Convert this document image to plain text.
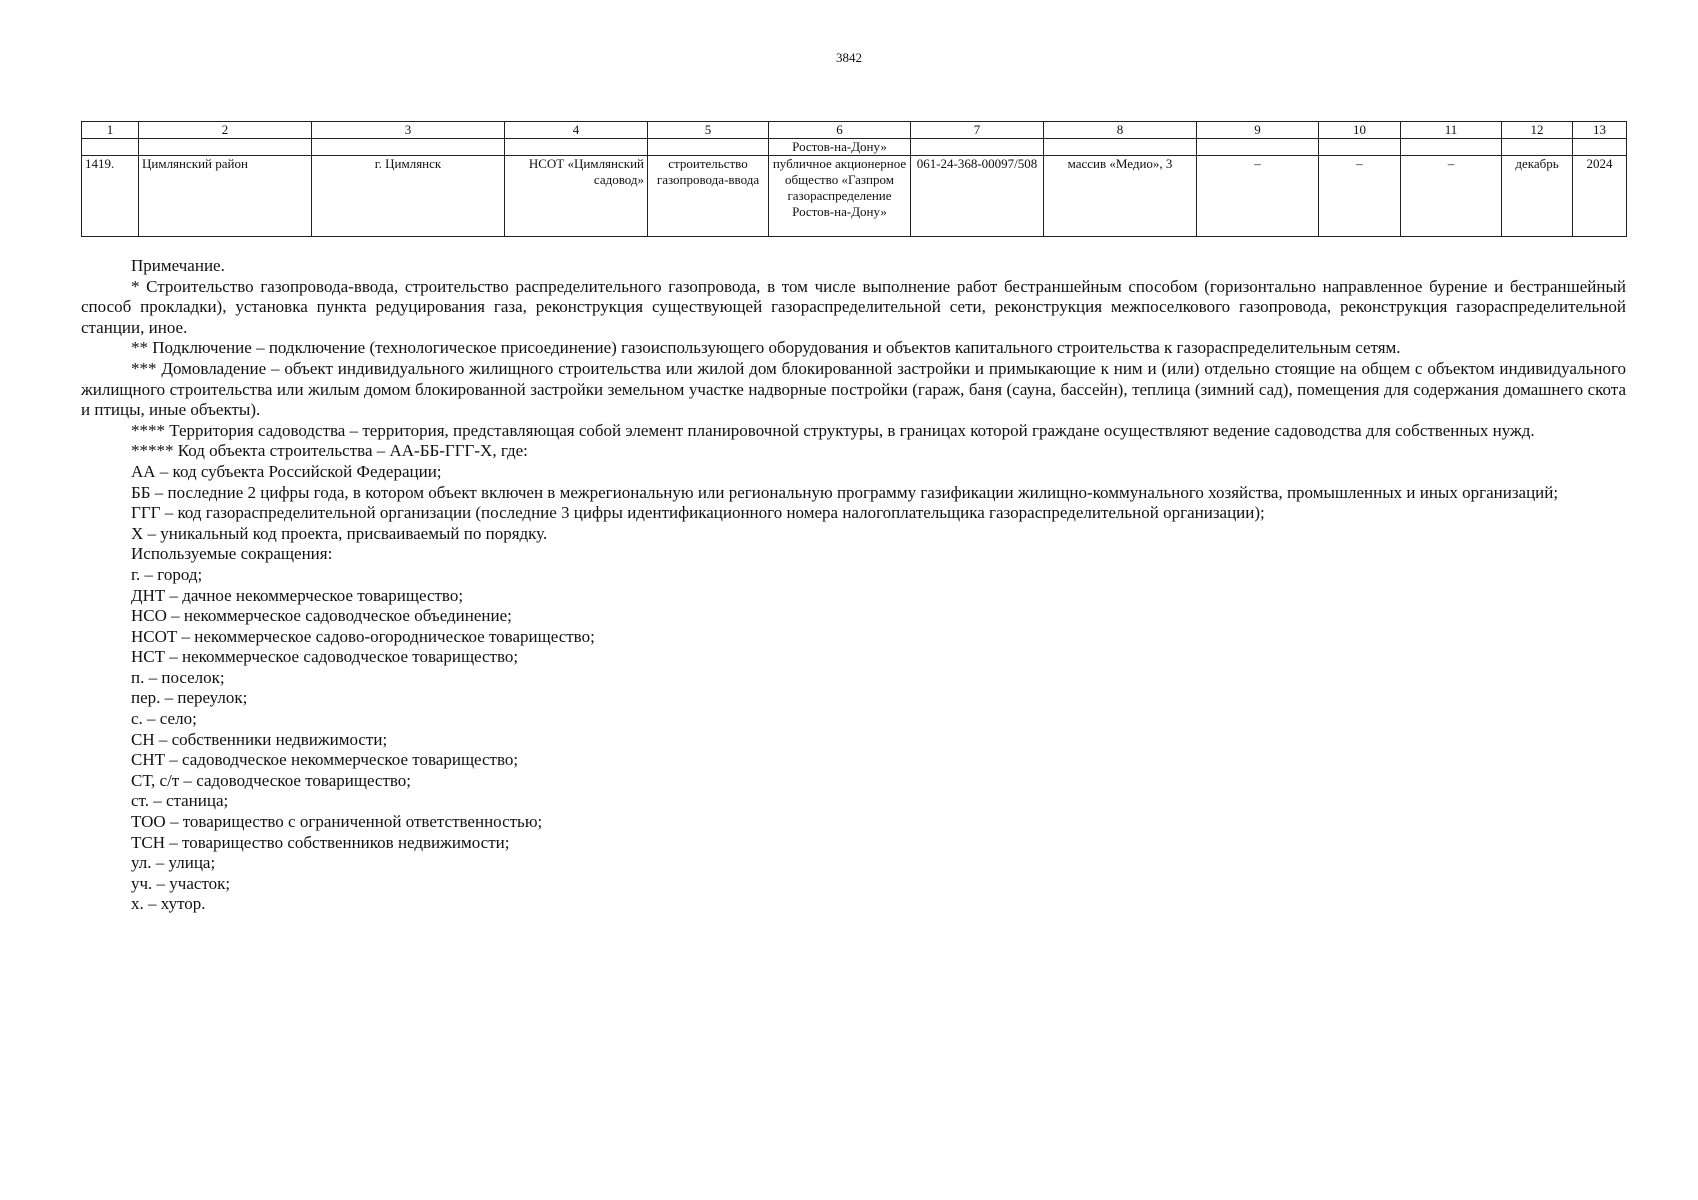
3842
1	2	3	4	5	6	7	8	9	10	11	12	13
					Ростов-на-Дону»							
1419.	Цимлянский район	г. Цимлянск	НСОТ «Цимлянский садовод»	строительство газопровода-ввода	публичное акционерное общество «Газпром газораспределение Ростов-на-Дону»	061-24-368-00097/508	массив «Медио», 3	–	–	–	декабрь	2024

Примечание.

* Строительство газопровода-ввода, строительство распределительного газопровода, в том числе выполнение работ бестраншейным способом (горизонтально направленное бурение и бестраншейный способ прокладки), установка пункта редуцирования газа, реконструкция существующей газораспределительной сети, реконструкция межпоселкового газопровода, реконструкция газораспределительной станции, иное.

** Подключение – подключение (технологическое присоединение) газоиспользующего оборудования и объектов капитального строительства к газораспределительным сетям.

*** Домовладение – объект индивидуального жилищного строительства или жилой дом блокированной застройки и примыкающие к ним и (или) отдельно стоящие на общем с объектом индивидуального жилищного строительства или жилым домом блокированной застройки земельном участке надворные постройки (гараж, баня (сауна, бассейн), теплица (зимний сад), помещения для содержания домашнего скота и птицы, иные объекты).

**** Территория садоводства – территория, представляющая собой элемент планировочной структуры, в границах которой граждане осуществляют ведение садоводства для собственных нужд.

***** Код объекта строительства – АА-ББ-ГГГ-Х, где:

АА – код субъекта Российской Федерации;

ББ – последние 2 цифры года, в котором объект включен в межрегиональную или региональную программу газификации жилищно-коммунального хозяйства, промышленных и иных организаций;

ГГГ – код газораспределительной организации (последние 3 цифры идентификационного номера налогоплательщика газораспределительной организации);

Х – уникальный код проекта, присваиваемый по порядку.

Используемые сокращения:

г. – город;
ДНТ – дачное некоммерческое товарищество;
НСО – некоммерческое садоводческое объединение;
НСОТ – некоммерческое садово-огородническое товарищество;
НСТ – некоммерческое садоводческое товарищество;
п. – поселок;
пер. – переулок;
с. – село;
СН – собственники недвижимости;
СНТ – садоводческое некоммерческое товарищество;
СТ, с/т – садоводческое товарищество;
ст. – станица;
ТОО – товарищество с ограниченной ответственностью;
ТСН – товарищество собственников недвижимости;
ул. – улица;
уч. – участок;
х. – хутор.
